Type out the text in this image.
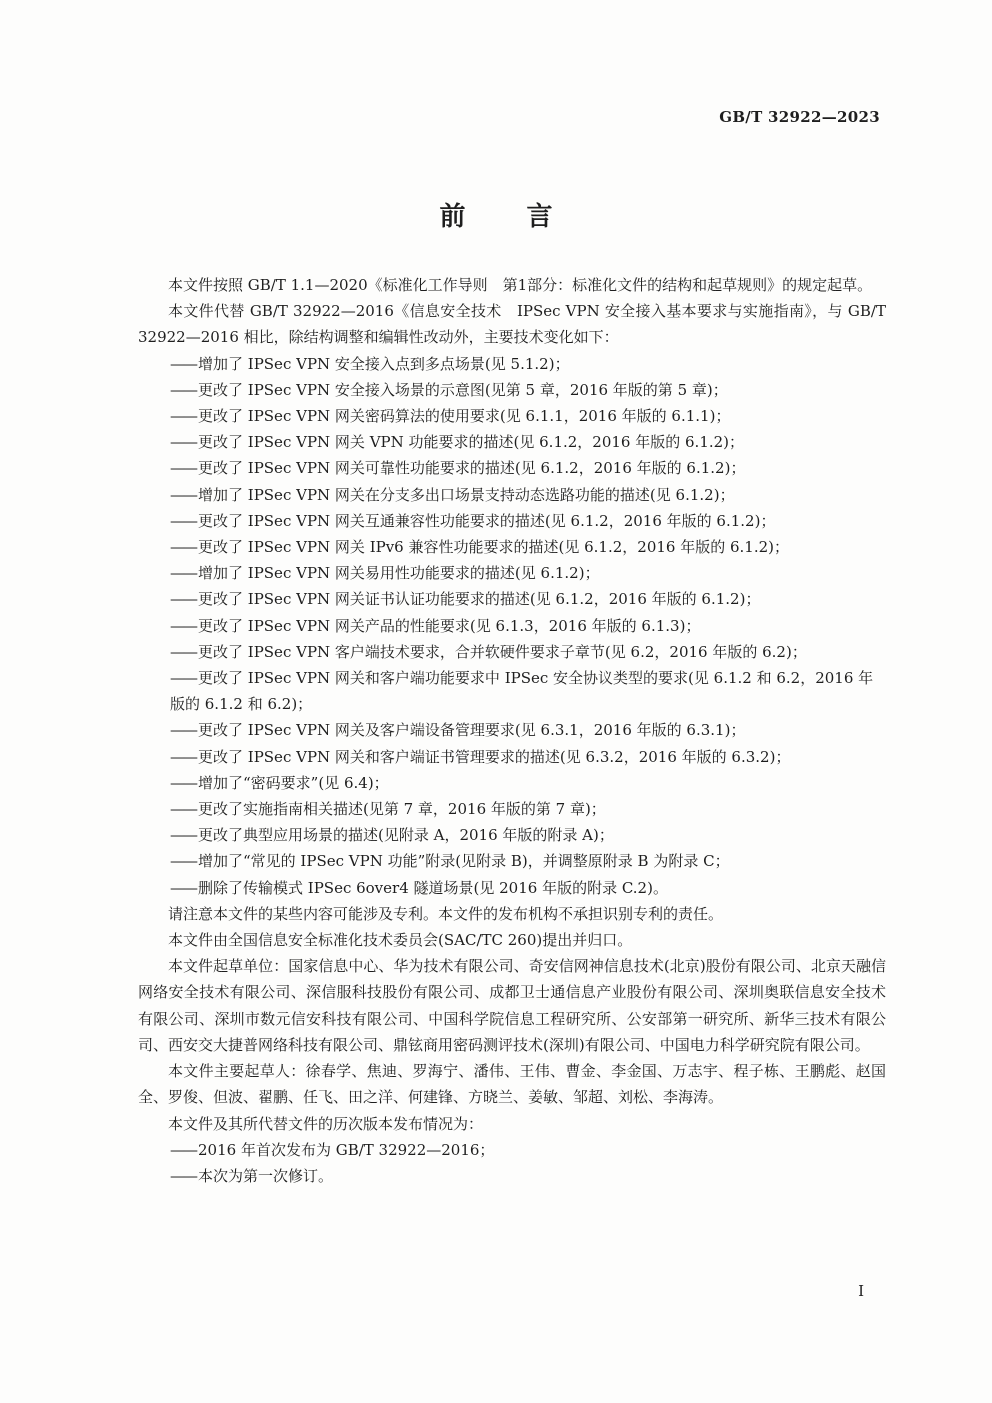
GB/T 32922—2023
前 言

本文件按照 GB/T 1.1—2020《标准化工作导则　第1部分：标准化文件的结构和起草规则》的规定起草。

本文件代替 GB/T 32922—2016《信息安全技术　IPSec VPN 安全接入基本要求与实施指南》，与 GB/T 32922—2016 相比，除结构调整和编辑性改动外，主要技术变化如下：

—— 增加了 IPSec VPN 安全接入点到多点场景(见 5.1.2)；

—— 更改了 IPSec VPN 安全接入场景的示意图(见第 5 章，2016 年版的第 5 章)；

—— 更改了 IPSec VPN 网关密码算法的使用要求(见 6.1.1，2016 年版的 6.1.1)；

—— 更改了 IPSec VPN 网关 VPN 功能要求的描述(见 6.1.2，2016 年版的 6.1.2)；

—— 更改了 IPSec VPN 网关可靠性功能要求的描述(见 6.1.2，2016 年版的 6.1.2)；

—— 增加了 IPSec VPN 网关在分支多出口场景支持动态选路功能的描述(见 6.1.2)；

—— 更改了 IPSec VPN 网关互通兼容性功能要求的描述(见 6.1.2，2016 年版的 6.1.2)；

—— 更改了 IPSec VPN 网关 IPv6 兼容性功能要求的描述(见 6.1.2，2016 年版的 6.1.2)；

—— 增加了 IPSec VPN 网关易用性功能要求的描述(见 6.1.2)；

—— 更改了 IPSec VPN 网关证书认证功能要求的描述(见 6.1.2，2016 年版的 6.1.2)；

—— 更改了 IPSec VPN 网关产品的性能要求(见 6.1.3，2016 年版的 6.1.3)；

—— 更改了 IPSec VPN 客户端技术要求，合并软硬件要求子章节(见 6.2，2016 年版的 6.2)；

—— 更改了 IPSec VPN 网关和客户端功能要求中 IPSec 安全协议类型的要求(见 6.1.2 和 6.2，2016 年版的 6.1.2 和 6.2)；

—— 更改了 IPSec VPN 网关及客户端设备管理要求(见 6.3.1，2016 年版的 6.3.1)；

—— 更改了 IPSec VPN 网关和客户端证书管理要求的描述(见 6.3.2，2016 年版的 6.3.2)；

—— 增加了“密码要求”(见 6.4)；

—— 更改了实施指南相关描述(见第 7 章，2016 年版的第 7 章)；

—— 更改了典型应用场景的描述(见附录 A，2016 年版的附录 A)；

—— 增加了“常见的 IPSec VPN 功能”附录(见附录 B)，并调整原附录 B 为附录 C；

—— 删除了传输模式 IPSec 6over4 隧道场景(见 2016 年版的附录 C.2)。

请注意本文件的某些内容可能涉及专利。本文件的发布机构不承担识别专利的责任。

本文件由全国信息安全标准化技术委员会(SAC/TC 260)提出并归口。

本文件起草单位：国家信息中心、华为技术有限公司、奇安信网神信息技术(北京)股份有限公司、北京天融信网络安全技术有限公司、深信服科技股份有限公司、成都卫士通信息产业股份有限公司、深圳奥联信息安全技术有限公司、深圳市数元信安科技有限公司、中国科学院信息工程研究所、公安部第一研究所、新华三技术有限公司、西安交大捷普网络科技有限公司、鼎铉商用密码测评技术(深圳)有限公司、中国电力科学研究院有限公司。

本文件主要起草人：徐春学、焦迪、罗海宁、潘伟、王伟、曹金、李金国、万志宇、程子栋、王鹏彪、赵国全、罗俊、但波、翟鹏、任飞、田之洋、何建锋、方晓兰、姜敏、邹超、刘松、李海涛。

本文件及其所代替文件的历次版本发布情况为：

—— 2016 年首次发布为 GB/T 32922—2016；

—— 本次为第一次修订。

I
